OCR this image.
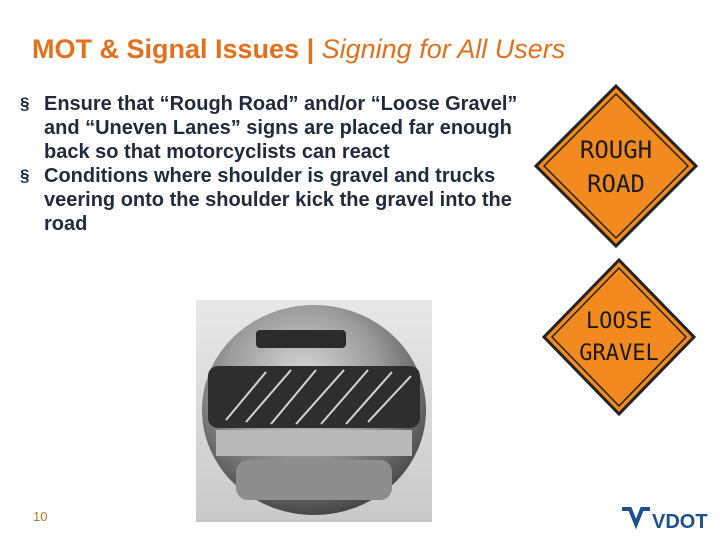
MOT & Signal Issues | Signing for All Users
§ Ensure that “Rough Road” and/or “Loose Gravel” and “Uneven Lanes” signs are placed far enough back so that motorcyclists can react
§ Conditions where shoulder is gravel and trucks veering onto the shoulder kick the gravel into the road
ROUGH
ROAD
LOOSE
GRAVEL
10	VDOT
